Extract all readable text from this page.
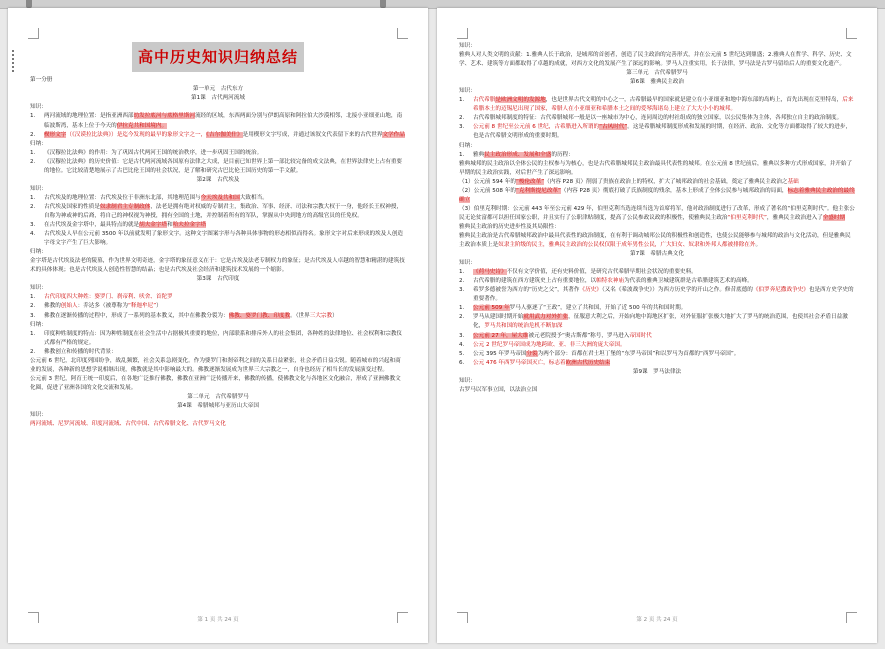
高中历史知识归纳总结

第一分册

第一单元　古代东方

第1课　古代两河流域

知识：

1.	两河流域的地理位置：是指亚洲西部幼发拉底河与底格里斯河流经的区域，东西两面分别与伊朗高原和阿拉伯大沙漠相邻，北接小亚细亚山地，南临波斯湾，基本上位于今天的伊拉克共和国境内。
2.	楔形文字（《汉谟拉比法典》）是迄今发现的最早的象形文字之一，《吉尔伽美什》是用楔形文字写成，并通过该叙文代表留下来的古代世界文学作品

归纳：

1.	《汉穆拉比法典》的作用：为了巩固古代两河王国的统治秩序，进一步巩固王国的统治。
2.	《汉穆拉比法典》的历史价值：它是古代两河流域各国原有法律之大成，是目前已知世界上第一部比较完备的成文法典，在世界法律史上占有重要的地位。它比较清楚地展示了古巴比伦王国的社会状况，是了解和研究古巴比伦王国历史的第一手文献。

第2课　古代埃及

知识：

1.	古代埃及的地理位置：古代埃及位于非洲东北部，其地理范围与今天埃及共和国大致相当。
2.	古代埃及国家的性质是奴隶制君主专制政体，法老是拥有绝对权威的专制君主，集政治、军事、经济、司法和宗教大权于一身，他经长王权神授，自称为神或神的后裔，将自己的神权视为神授，拥有全国的土地，并控制着所有的军队，掌握从中央到地方的高级官员的任免权。
3.	在古代埃及金字塔中，最具特点的就是胡夫金字塔和哈夫拉金字塔
4.	古代埃及人早在公元前 3500 年以前就发明了象形文字。这种文字图案字形与各种具体事物的形态相似而得名。象形文字对后来形成的埃及人创造字母文字产生了巨大影响。

归纳：

金字塔是古代埃及法老的陵墓，作为世界文明奇迹，金字塔的象征意义在于：它是古埃及法老专制权力的象征；是古代埃及人卓越的智慧和精湛的建筑技术的具体体现；也是古代埃及人创造性智慧的结晶；也是古代埃及社会经济和建筑技术发展的一个缩影。

第3课　古代印度

知识：

1.	古代印度四大种姓：婆罗门、刹帝利、吠舍、首陀罗
2.	佛教的创始人：乔达多（被尊称为“释迦牟尼”）
3.	佛教在逐渐传播的过程中，形成了一系列的基本教义，其中在佛教分裂为：佛教、婆罗门教、印度教。（世界三大宗教）

归纳：

1.	印度种姓制度的特点：因为种姓制度在社会生活中占据极其重要的地位，内部联系和排斥外人的社会集团，各种姓的法律地位、社会权利和宗教仪式都有严格的规定。
2.	佛教创立和传播的时代背景：

公元前 6 世纪，北印度列国纷争，战乱频繁，社会关系急剧变化。作为婆罗门和刹帝利之间的关系日益紧张，社会矛盾日益尖锐。随着城市的兴起和商业的发展，各种新的思想学说相继出现，佛教就是其中影响最大的。佛教逐渐发展成为世界三大宗教之一，自身也经历了相当长的发展演变过程。

公元前 3 世纪，阿育王统一印度后，在各地广泛推行佛教，佛教在亚洲广泛传播开来，佛教的传播，使佛教文化与各地区文化融合，形成了亚洲佛教文化圈，促进了亚洲各国的文化交流和发展。

第二单元　古代希腊罗马

第4课　希腊城邦与亚历山大帝国

知识：

两河流域、尼罗河流域、印度河流域、古代中国、古代希腊文化、古代罗马文化

第 1 页 共 24 页

知识：

雅典人对人类文明的贡献：1.雅典人长于政治，是城邦的首创者，创造了民主政治的完善形式，并在公元前 5 世纪达到鼎盛；2.雅典人在哲学、科学、历史、文学、艺术、建筑等方面都取得了卓越的成就，对西方文化的发展产生了深远的影响。罗马人注重实用，长于法律，罗马法是古罗马留给后人的重要文化遗产。

第三单元　古代希腊罗马

第6课　雅典民主政治

知识：

1.	古代希腊是欧洲文明的发源地，也是世界古代文明的中心之一，古希腊最早的国家就是建立在小亚细亚和地中海东部的岛屿上，首先出现在克里特岛，后来希腊本土的迈锡尼出现了国家，希腊人在小亚细亚和希腊本土之间的爱琴海诸岛上建立了大大小小的城邦。
2.	古代希腊城邦制度的特征：古代希腊城邦一般是以一座城市为中心，连同周边的村社组成的独立国家，以公民集体为主体，各邦独立自主的政治制度。
3.	公元前 8 世纪至公元前 6 世纪，古希腊进入所谓的“古风时代”。这是希腊城邦制度形成和发展的时期，在经济、政治、文化等方面都取得了较大的进步，也是古代希腊文明形成的重要时期。

归纳：

1.	雅典民主政治形成、发展和全盛的历程：

雅典城邦的民主政治以全体公民的主权参与为核心，也是古代希腊城邦民主政治最具代表性的城邦。在公元前 8 世纪前后，雅典以多种方式形成国家，并开始了早期的民主政治实践，对后世产生了深远影响。

（1）公元前 594 年的“梭伦改革”（内容 P28 页）削弱了贵族在政治上的特权，扩大了城邦政治的社会基础，奠定了雅典民主政治之基础

（2）公元前 508 年的“克利斯提尼改革”（内容 P28 页）彻底打破了氏族制度的残余，基本上形成了全体公民参与城邦政治的局面，标志着雅典民主政治的最终确立

（3）伯里克利时期：公元前 443 年至公元前 429 年，伯里克利当选连续当选为首席将军，他对政治制度进行了改革，形成了著名的“伯里克利时代”。他主张公民无论贫富都可以担任国家公职，并且实行了公职津贴制度，提高了公民参政议政的积极性，使雅典民主政治“伯里克利时代”，雅典民主政治进入了全盛时期

雅典民主政治的历史进步性及其局限性：

雅典民主政治是古代希腊城邦政治中最具代表性的政治制度，在有利于调动城邦公民的积极性和创造性，也使公民能够参与城邦的政治与文化活动，但是雅典民主政治本质上是奴隶主阶级的民主，雅典民主政治的公民权仅限于成年男性公民，广大妇女、奴隶和外邦人都被排除在外。

第7课　希腊古典文化

知识：

1.	《荷马史诗》不仅有文学价值，还有史料价值，是研究古代希腊早期社会状况的重要史料。
2.	古代希腊的建筑在西方建筑史上占有重要地位，以帕特农神庙为代表的雅典卫城建筑群是古希腊建筑艺术的高峰。
3.	希罗多德被誉为西方的“历史之父”，其著作《历史》（又名《希波战争史》）为西方历史学的开山之作。修昔底德的《伯罗奔尼撒战争史》也是西方史学史的重要著作。
1.	公元前 509 年罗马人驱逐了“王政”，建立了共和国，开始了近 500 年的共和国时期。
2.	罗马从建国时期开始就用武力对外扩张，征服意大利之后，开始向地中海地区扩张，对外征服扩张极大地扩大了罗马的统治范围，也使其社会矛盾日益激化，罗马共和国的统治危机不断加深
3.	公元前 27 年，屋大维被元老院授予“奥古斯都”称号，罗马进入帝国时代
4.	公元 2 世纪罗马帝国成为地跨欧、亚、非三大洲的庞大帝国。
5.	公元 395 年罗马帝国分裂为两个部分：首都在君士坦丁堡的“东罗马帝国”和以罗马为首都的“西罗马帝国”。
6.	公元 476 年西罗马帝国灭亡，标志着欧洲古代历史结束

第9课　罗马法律法

知识：

古罗马以军事立国，以法治立国

第 2 页 共 24 页
